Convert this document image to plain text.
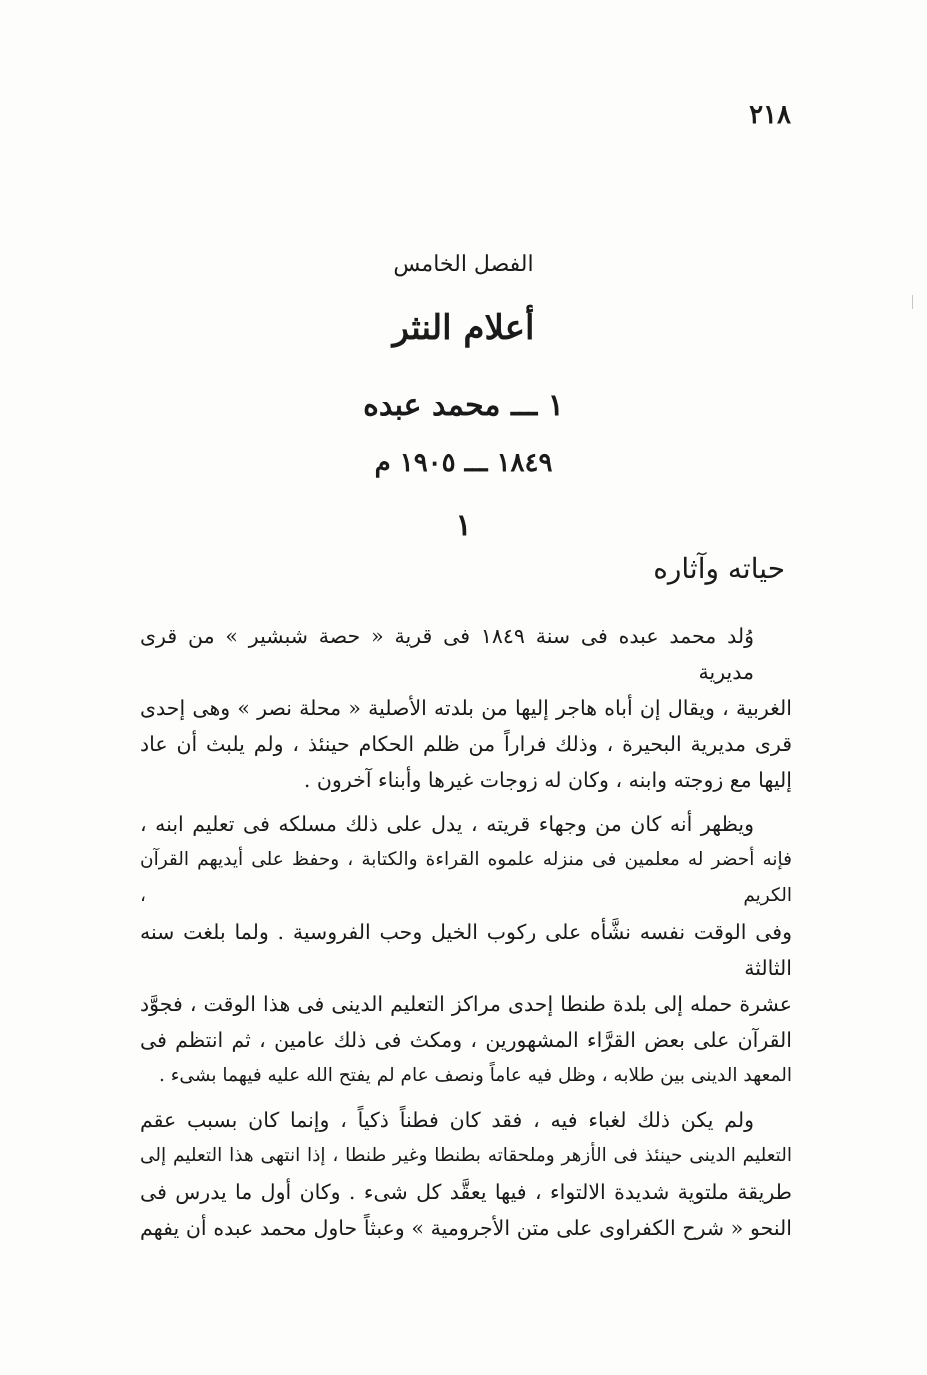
٢١٨
الفصل الخامس
أعلام النثر
١ ـــ محمد عبده
١٨٤٩ ـــ ١٩٠٥ م
١
حياته وآثاره

وُلد محمد عبده فى سنة ١٨٤٩ فى قرية « حصة شبشير » من قرى مديرية
الغربية ، ويقال إن أباه هاجر إليها من بلدته الأصلية « محلة نصر » وهى إحدى
قرى مديرية البحيرة ، وذلك فراراً من ظلم الحكام حينئذ ، ولم يلبث أن عاد
إليها مع زوجته وابنه ، وكان له زوجات غيرها وأبناء آخرون .

ويظهر أنه كان من وجهاء قريته ، يدل على ذلك مسلكه فى تعليم ابنه ،
فإنه أحضر له معلمين فى منزله علموه القراءة والكتابة ، وحفظ على أيديهم القرآن الكريم ،
وفى الوقت نفسه نشَّأه على ركوب الخيل وحب الفروسية . ولما بلغت سنه الثالثة
عشرة حمله إلى بلدة طنطا إحدى مراكز التعليم الدينى فى هذا الوقت ، فجوَّد
القرآن على بعض القرَّاء المشهورين ، ومكث فى ذلك عامين ، ثم انتظم فى
المعهد الدينى بين طلابه ، وظل فيه عاماً ونصف عام لم يفتح الله عليه فيهما بشىء .

ولم يكن ذلك لغباء فيه ، فقد كان فطناً ذكياً ، وإنما كان بسبب عقم
التعليم الدينى حينئذ فى الأزهر وملحقاته بطنطا وغير طنطا ، إذا انتهى هذا التعليم إلى
طريقة ملتوية شديدة الالتواء ، فيها يعقَّد كل شىء . وكان أول ما يدرس فى
النحو « شرح الكفراوى على متن الأجرومية » وعبثاً حاول محمد عبده أن يفهم
